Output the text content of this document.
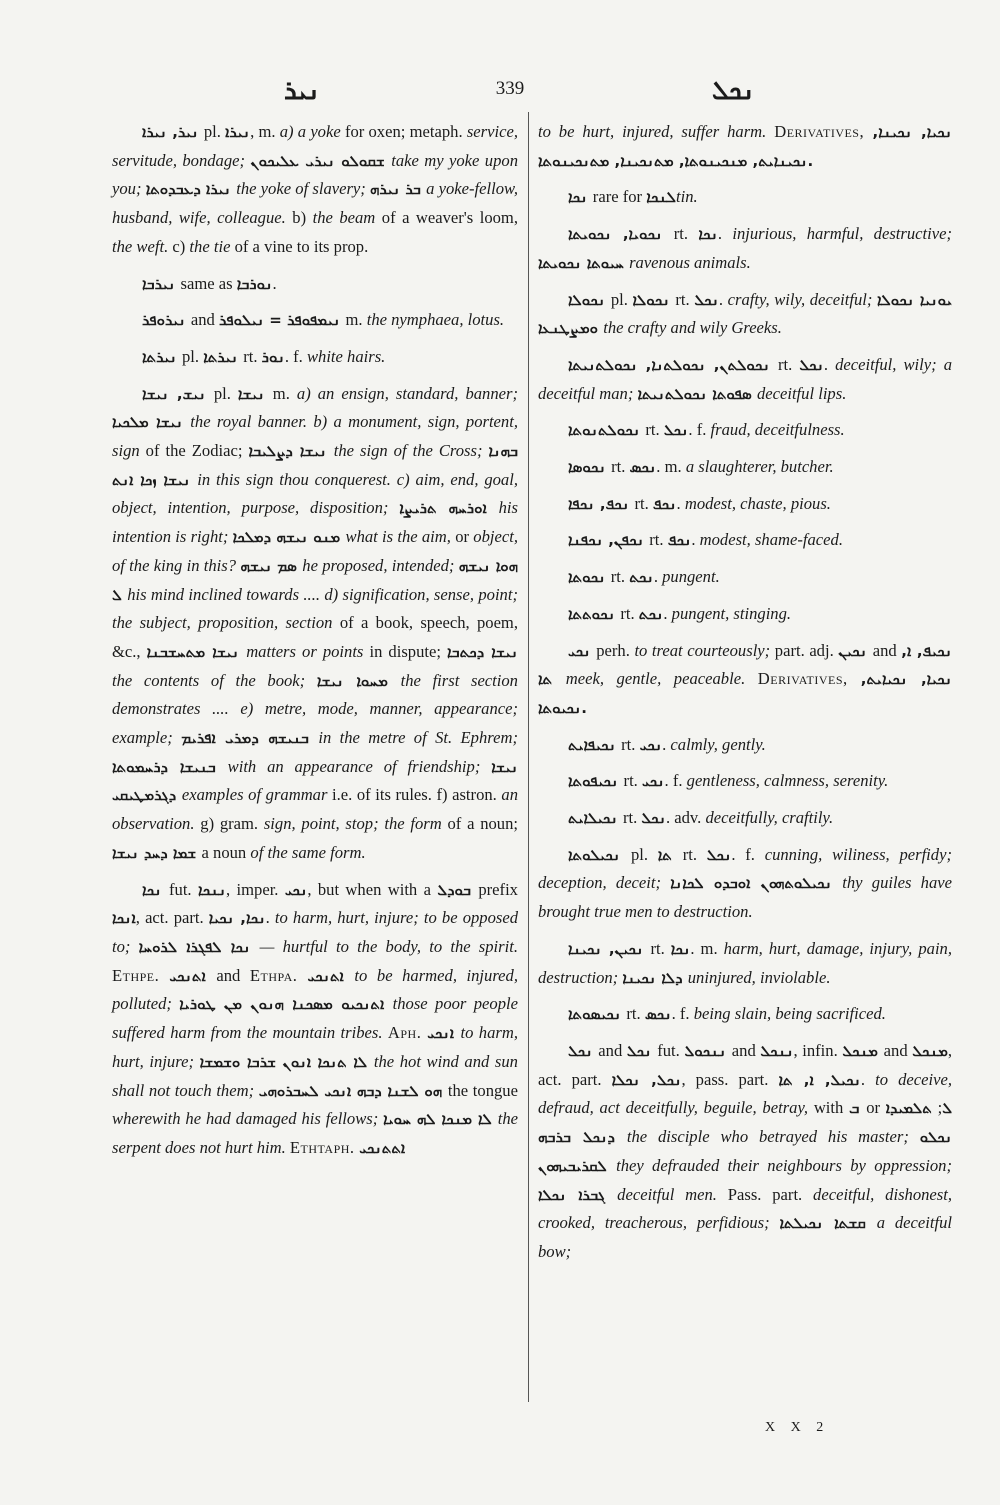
ܢܝܪ	339	ܢܟܠ

ܢܝܪ, ܢܝܪܐ pl. ܢܝܪܐ, m. a) a yoke for oxen; metaph. service, servitude, bondage; ܫܩܘܠܘ ܢܝܪܝ ܥܠܝܟܘܢ take my yoke upon you; ܢܝܪܐ ܕܥܒܕܘܬܐ the yoke of slavery; ܒܪ ܢܝܪܗ a yoke-fellow, husband, wife, colleague. b) the beam of a weaver's loom, the weft. c) the tie of a vine to its prop.

ܢܝܪܒܐ same as ܢܘܪܒܐ.

ܢܝܪܘܦܪ and ܢܝܡܦܘܦܪ = ܢܝܠܘܦܪ m. the nymphaea, lotus.

ܢܝܪܬܐ pl. ܢܝܪܬܐ rt. ܢܘܪ. f. white hairs.

ܢܝܫ, ܢܝܫܐ pl. ܢܝܫܐ m. a) an ensign, standard, banner; ܢܝܫܐ ܡܠܟܝܐ the royal banner. b) a monument, sign, portent, sign of the Zodiac; ܢܝܫܐ ܕܨܠܝܒܐ the sign of the Cross; ܒܗܢܐ ܢܝܫܐ ܙܟܐ ܐܢܬ in this sign thou conquerest. c) aim, end, goal, object, intention, purpose, disposition; ܐܘܪܚܗ ܬܪܝܨܐ his intention is right; ܡܢܘ ܢܝܫܗ ܕܡܠܟܐ what is the aim, or object, of the king in this? ܣܡ ܢܝܫܗ he proposed, intended; ܗܘܐ ܢܝܫܗ ܠ his mind inclined towards .... d) signification, sense, point; the subject, proposition, section of a book, speech, poem, &c., ܢܝܫܐ ܡܬܚܫܒܢܐ matters or points in dispute; ܢܝܫܐ ܕܟܬܒܐ the contents of the book; ܡܚܘܐ ܢܝܫܐ the first section demonstrates .... e) metre, mode, manner, appearance; example; ܒܢܝܫܗ ܕܡܪܝ ܐܦܪܝܡ in the metre of St. Ephrem; ܒܢܝܫܐ ܕܪܚܡܘܬܐ with an appearance of friendship; ܢܝܫܐ ܕܓܪܡܛܝܩܝ examples of grammar i.e. of its rules. f) astron. an observation. g) gram. sign, point, stop; the form of a noun; ܫܡܐ ܕܚܕ ܢܝܫܐ a noun of the same form.

ܢܟܐ fut. ܢܢܟܐ, imper. ܢܟܝ, but when with a ܒܘܕܠ prefix ܐܢܟܐ, act. part. ܢܟܐ, ܢܟܝܐ. to harm, hurt, injure; to be opposed to; ܢܟܐ ܠܦܓܪܐ ܠܪܘܚܐ — hurtful to the body, to the spirit. Ethpe. ܐܬܢܟܝ and Ethpa. ܐܬܢܟܝ to be harmed, injured, polluted; ܐܬܢܟܝܘ ܡܣܟܢܐ ܗܢܘܢ ܡܢ ܛܘܪܝܐ those poor people suffered harm from the mountain tribes. Aph. ܐܢܟܝ to harm, hurt, injure; ܠܐ ܬܢܟܐ ܐܢܘܢ ܫܪܒܐ ܘܫܡܫܐ the hot wind and sun shall not touch them; ܗܘ ܠܫܢܐ ܕܒܗ ܐܢܟܝ ܠܚܒܪܘܗܝ the tongue wherewith he had damaged his fellows; ܠܐ ܡܢܟܐ ܠܗ ܚܘܝܐ the serpent does not hurt him. Ethtaph. ܐܬܬܢܟܝ

to be hurt, injured, suffer harm. Derivatives, ܢܟܝܐ, ܢܟܝܢܐ, ܢܟܝܢܐܝܬ, ܡܢܟܝܢܘܬܐ, ܡܬܢܟܝܢܐ, ܡܬܢܟܝܢܘܬܐ.

ܢܟܐ rare for ܠܢܟܐtin.

ܢܟܘܝܐ, ܢܟܘܝܬܐ rt. ܢܟܐ. injurious, harmful, destructive; ܚܝܘܬܐ ܢܟܘܝܬܐ ravenous animals.

ܢܟܘܠܐ pl. ܢܟܘܠܐ rt. ܢܟܠ. crafty, wily, deceitful; ܝܘܢܝܐ ܢܟܘܠܐ ܘܡܨܛܢܥܐ the crafty and wily Greeks.

ܢܟܘܠܬܢ, ܢܟܘܠܬܢܐ, ܢܟܘܠܬܢܝܬܐ rt. ܢܟܠ. deceitful, wily; a deceitful man; ܣܦܘܬܐ ܢܟܘܠܬܢܝܬܐ deceitful lips.

ܢܟܘܠܬܢܘܬܐ rt. ܢܟܠ. f. fraud, deceitfulness.

ܢܟܘܣܐ rt. ܢܟܣ. m. a slaughterer, butcher.

ܢܟܦ, ܢܟܦܐ rt. ܢܟܦ. modest, chaste, pious.

ܢܟܦܢ, ܢܟܦܢܐ rt. ܢܟܦ. modest, shame-faced.

ܢܟܘܬܐ rt. ܢܟܬ. pungent.

ܢܟܘܬܬܐ rt. ܢܟܬ. pungent, stinging.

ܢܟܝ perh. to treat courteously; part. adj. ܢܟܝܢ and ܢܟܝܦ, ܐ, ܬܐ meek, gentle, peaceable. Derivatives, ܢܟܝܐ, ܢܟܝܐܝܬ, ܢܟܝܘܬܐ.

ܢܟܝܦܐܝܬ rt. ܢܟܝ. calmly, gently.

ܢܟܝܦܘܬܐ rt. ܢܟܝ. f. gentleness, calmness, serenity.

ܢܟܝܠܐܝܬ rt. ܢܟܠ. adv. deceitfully, craftily.

ܢܟܝܠܘܬܐ pl. ܬܐ rt. ܢܟܠ. f. cunning, wiliness, perfidy; deception, deceit; ܢܟܝܠܘܬܗܘܢ ܐܘܒܕܘ ܠܟܐܢܐ thy guiles have brought true men to destruction.

ܢܟܝܢ, ܢܟܝܢܐ rt. ܢܟܐ. m. harm, hurt, damage, injury, pain, destruction; ܕܠܐ ܢܟܝܢܐ uninjured, inviolable.

ܢܟܝܣܘܬܐ rt. ܢܟܣ. f. being slain, being sacrificed.

ܢܟܠ and ܢܟܠ fut. ܢܢܟܘܠ and ܢܢܟܠ, infin. ܡܢܟܠ and ܡܢܟܠ, act. part. ܢܟܠ, ܢܟܠܐ, pass. part. ܢܟܝܠ, ܐ, ܬܐ. to deceive, defraud, act deceitfully, beguile, betray, with ܒ or	ܠ; ܬܠܡܝܕܐ ܕܢܟܠ ܒܪܒܗ the disciple who betrayed his master; ܢܟܠܘ ܠܩܪܝܒܝܗܘܢ they defrauded their neighbours by oppression; ܓܒܪܐ ܢܟܠܐ deceitful men. Pass. part. deceitful, dishonest, crooked, treacherous, perfidious; ܩܫܬܐ ܢܟܝܠܬܐ a deceitful bow;

X X 2
